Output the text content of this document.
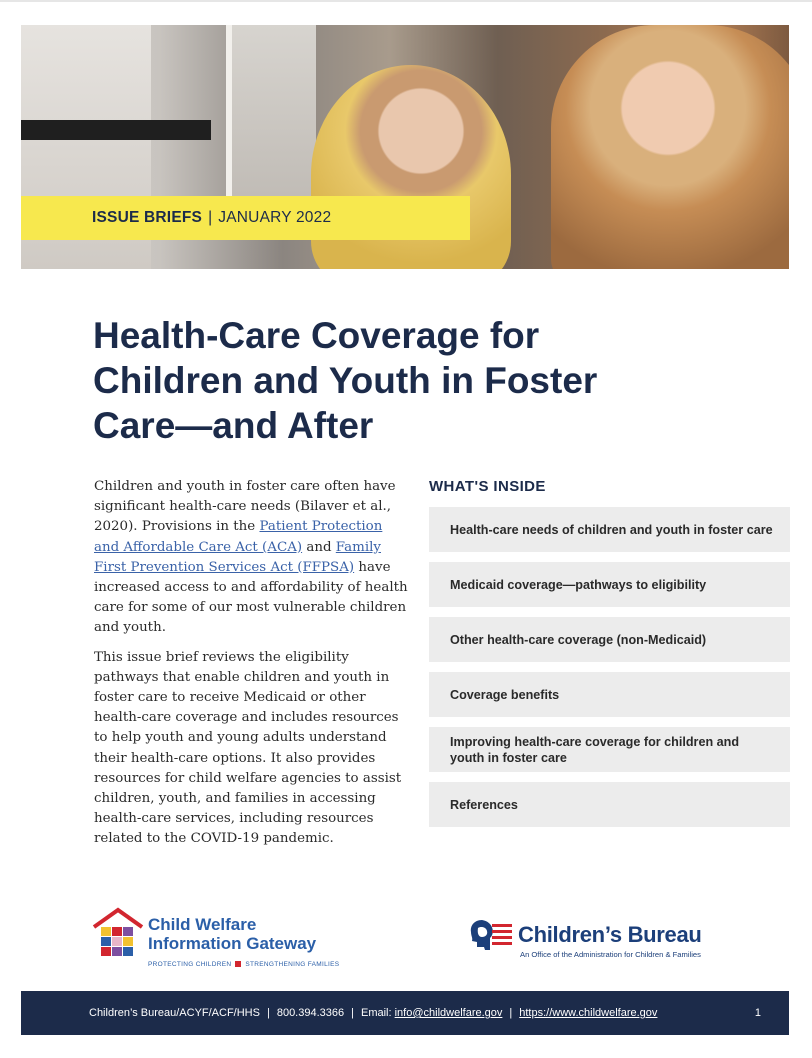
ISSUE BRIEFS | JANUARY 2022
Health-Care Coverage for Children and Youth in Foster Care—and After

Children and youth in foster care often have significant health-care needs (Bilaver et al., 2020). Provisions in the Patient Protection and Affordable Care Act (ACA) and Family First Prevention Services Act (FFPSA) have increased access to and affordability of health care for some of our most vulnerable children and youth.

This issue brief reviews the eligibility pathways that enable children and youth in foster care to receive Medicaid or other health-care coverage and includes resources to help youth and young adults understand their health-care options. It also provides resources for child welfare agencies to assist children, youth, and families in accessing health-care services, including resources related to the COVID-19 pandemic.

WHAT'S INSIDE
Health-care needs of children and youth in foster care
Medicaid coverage—pathways to eligibility
Other health-care coverage (non-Medicaid)
Coverage benefits
Improving health-care coverage for children and youth in foster care
References
Child Welfare
Information Gateway
PROTECTING CHILDREN STRENGTHENING FAMILIES
Children’s Bureau
An Office of the Administration for Children & Families
Children’s Bureau/ACYF/ACF/HHS | 800.394.3366 | Email:
info@childwelfare.gov | https://www.childwelfare.gov	1
